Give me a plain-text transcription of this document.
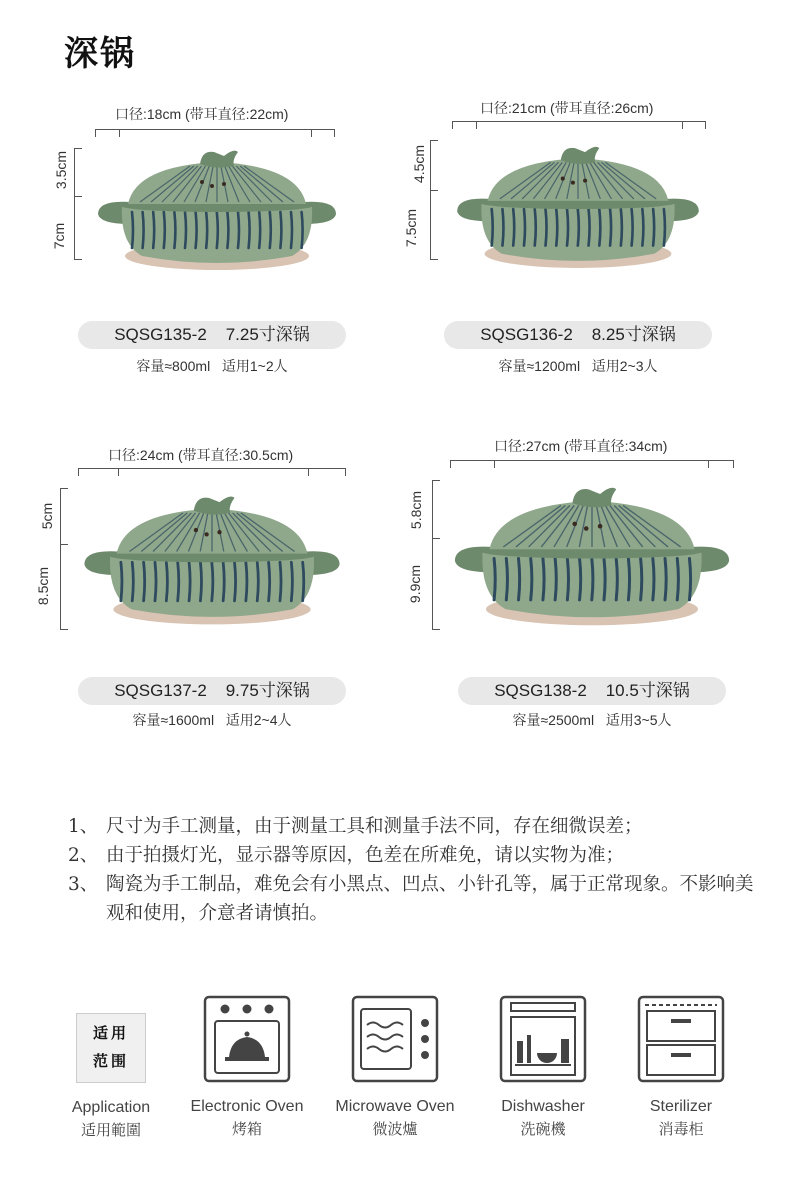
深锅
口径:18cm (带耳直径:22cm)
3.5cm
7cm
SQSG135-2 7.25寸深锅
容量≈800ml 适用1~2人
口径:21cm (带耳直径:26cm)
4.5cm
7.5cm
SQSG136-2 8.25寸深锅
容量≈1200ml 适用2~3人
口径:24cm (带耳直径:30.5cm)
5cm
8.5cm
SQSG137-2 9.75寸深锅
容量≈1600ml 适用2~4人
口径:27cm (带耳直径:34cm)
5.8cm
9.9cm
SQSG138-2 10.5寸深锅
容量≈2500ml 适用3~5人
1、 尺寸为手工测量，由于测量工具和测量手法不同，存在细微误差；
2、 由于拍摄灯光，显示器等原因，色差在所难免，请以实物为准；
3、 陶瓷为手工制品，难免会有小黑点、凹点、小针孔等，属于正常现象。不影响美观和使用，介意者请慎拍。
适用
范围
Application
适用範圍
Electronic Oven
烤箱
Microwave Oven
微波爐
Dishwasher
洗碗機
Sterilizer
消毒柜
